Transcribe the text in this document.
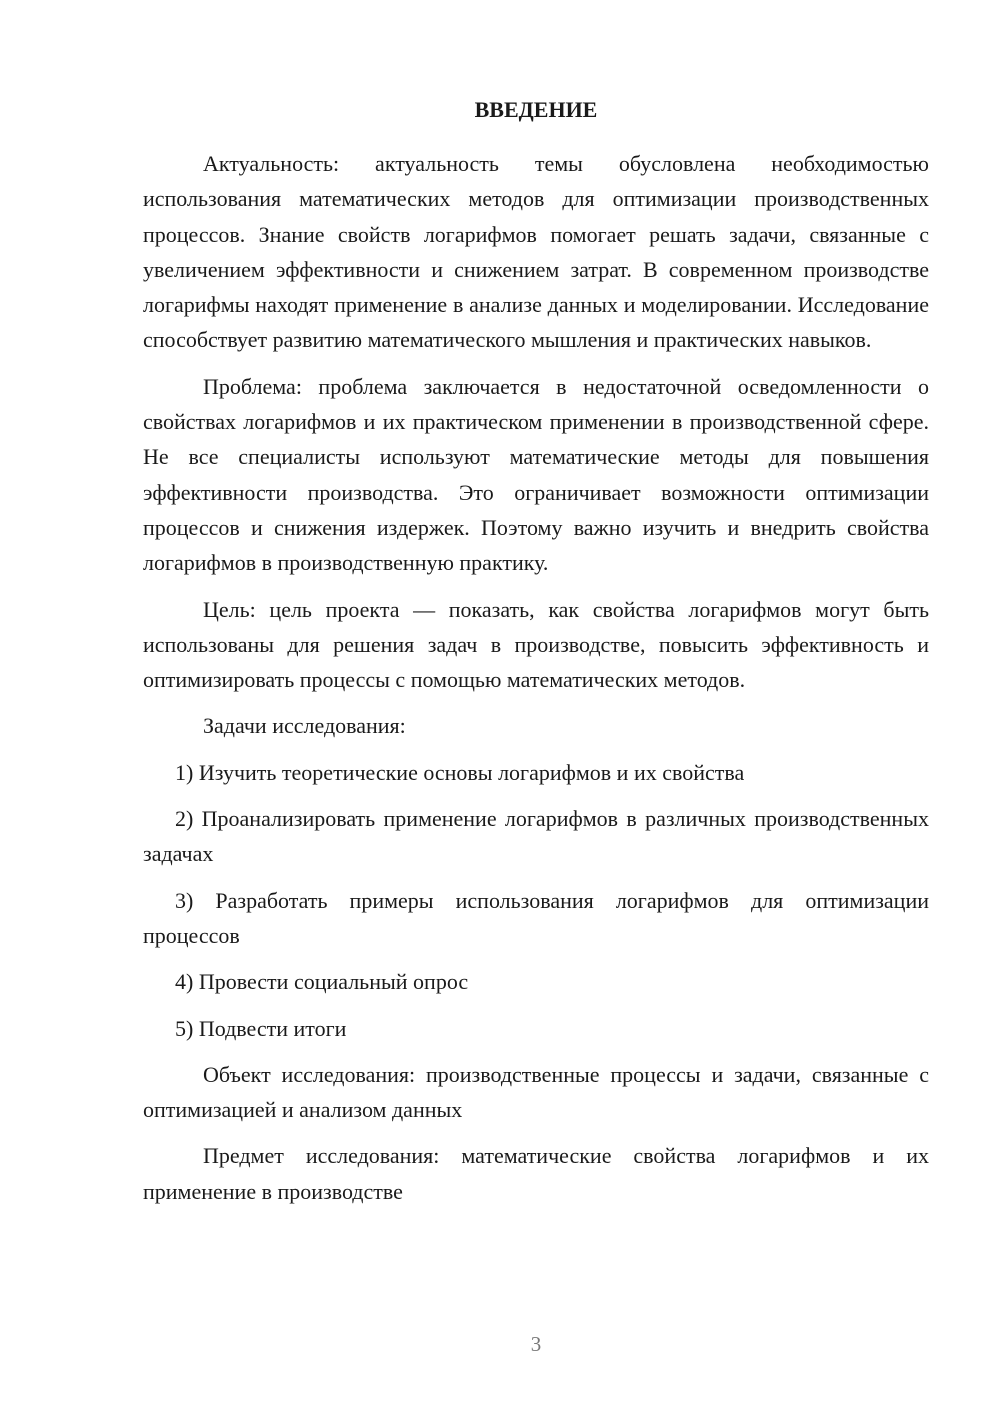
ВВЕДЕНИЕ

Актуальность: актуальность темы обусловлена необходимостью использования математических методов для оптимизации производственных процессов. Знание свойств логарифмов помогает решать задачи, связанные с увеличением эффективности и снижением затрат. В современном производстве логарифмы находят применение в анализе данных и моделировании. Исследование способствует развитию математического мышления и практических навыков.

Проблема: проблема заключается в недостаточной осведомленности о свойствах логарифмов и их практическом применении в производственной сфере. Не все специалисты используют математические методы для повышения эффективности производства. Это ограничивает возможности оптимизации процессов и снижения издержек. Поэтому важно изучить и внедрить свойства логарифмов в производственную практику.

Цель: цель проекта — показать, как свойства логарифмов могут быть использованы для решения задач в производстве, повысить эффективность и оптимизировать процессы с помощью математических методов.

Задачи исследования:

1) Изучить теоретические основы логарифмов и их свойства

2) Проанализировать применение логарифмов в различных производственных задачах

3) Разработать примеры использования логарифмов для оптимизации процессов

4) Провести социальный опрос

5) Подвести итоги

Объект исследования: производственные процессы и задачи, связанные с оптимизацией и анализом данных

Предмет исследования: математические свойства логарифмов и их применение в производстве

3
